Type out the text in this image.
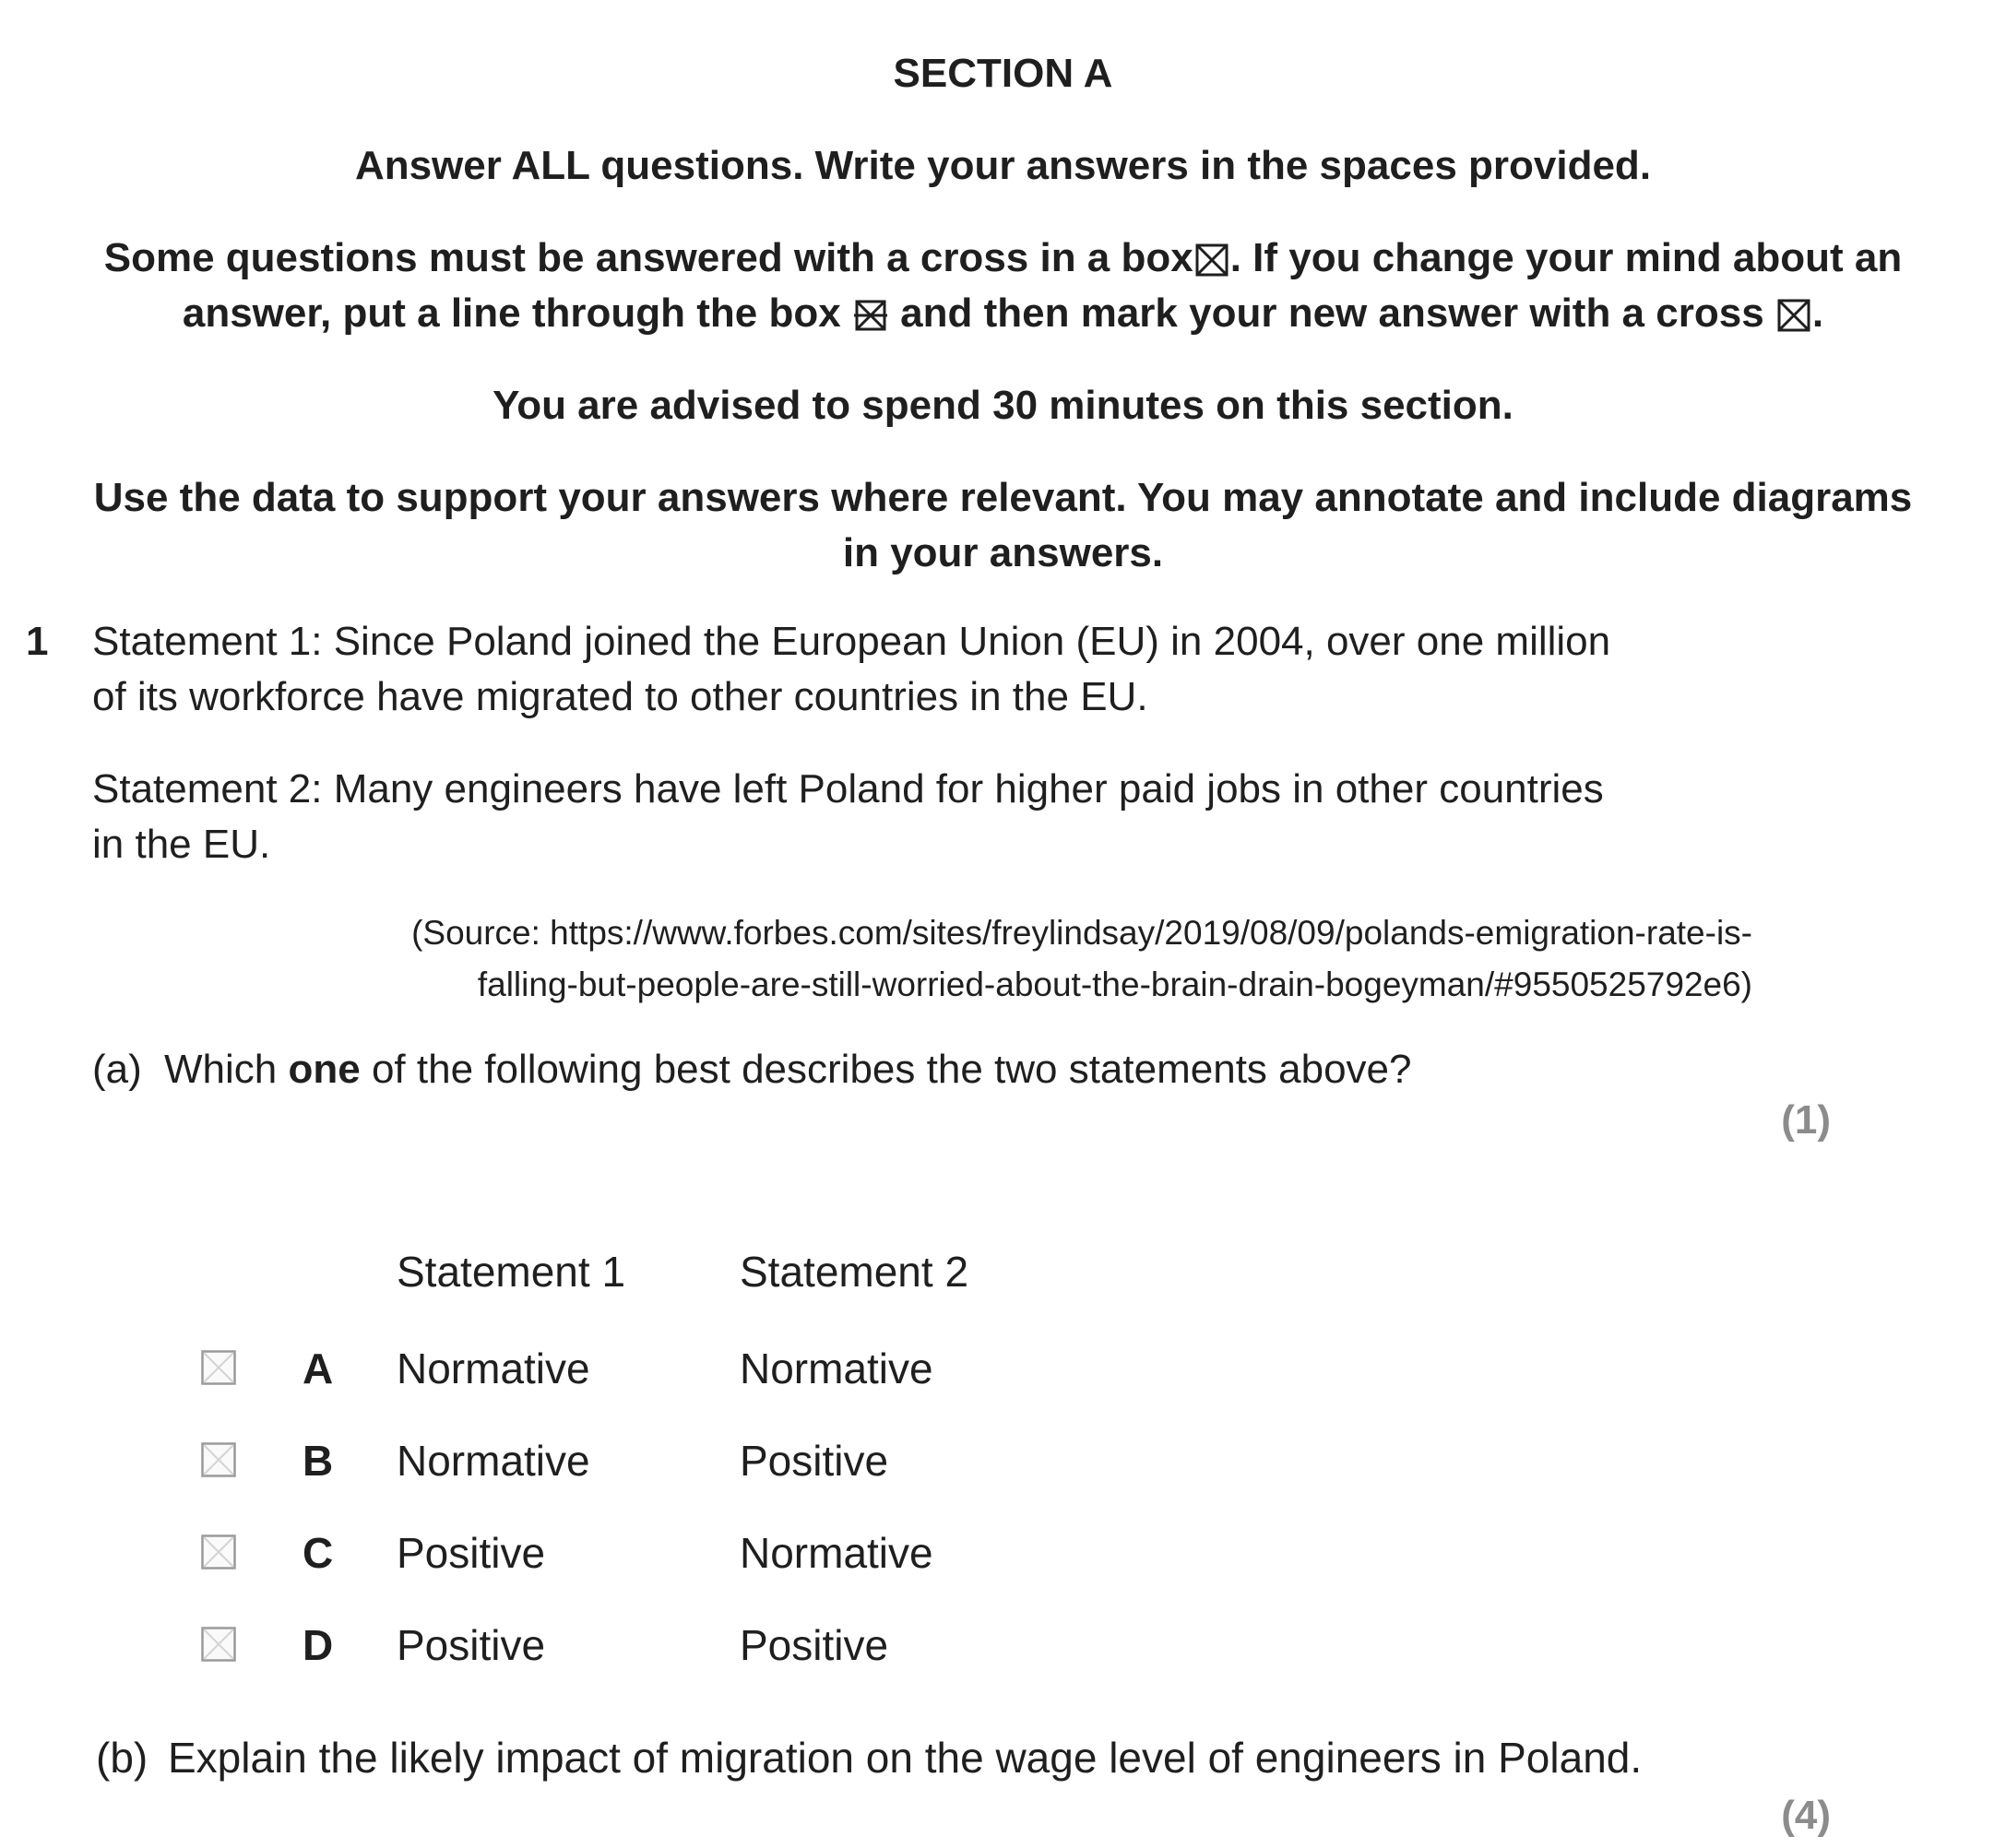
SECTION A

Answer ALL questions. Write your answers in the spaces provided.

Some questions must be answered with a cross in a box ☒ . If you change your mind about an

answer, put a line through the box and then mark your new answer with a cross ☒ .

You are advised to spend 30 minutes on this section.

Use the data to support your answers where relevant. You may annotate and include diagrams

in your answers.

1 Statement 1: Since Poland joined the European Union (EU) in 2004, over one million

of its workforce have migrated to other countries in the EU.

Statement 2: Many engineers have left Poland for higher paid jobs in other countries

in the EU.

(Source: https://www.forbes.com/sites/freylindsay/2019/08/09/polands-emigration-rate-is-
falling-but-people-are-still-worried-about-the-brain-drain-bogeyman/#9550525792e6)

(a) Which one of the following best describes the two statements above?

(1)
Statement 1	Statement 2
A Normative	Normative
B Normative	Positive
C Positive	Normative
D Positive	Positive

(b) Explain the likely impact of migration on the wage level of engineers in Poland.

(4)
